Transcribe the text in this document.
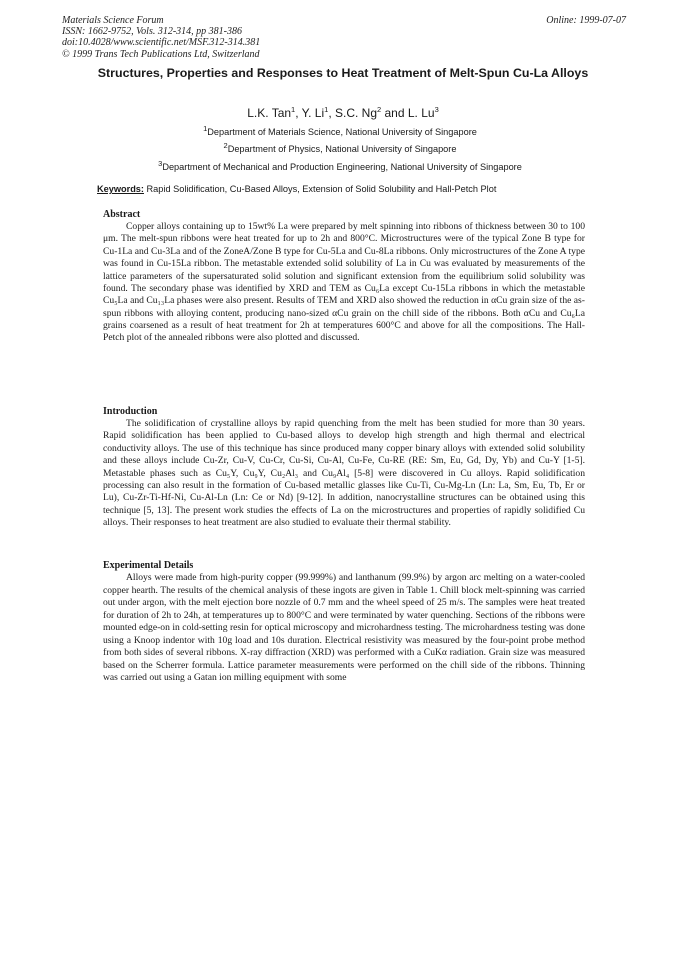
Materials Science Forum
ISSN: 1662-9752, Vols. 312-314, pp 381-386
doi:10.4028/www.scientific.net/MSF.312-314.381
© 1999 Trans Tech Publications Ltd, Switzerland
Online: 1999-07-07
Structures, Properties and Responses to Heat Treatment of Melt-Spun Cu-La Alloys
L.K. Tan$^1$, Y. Li$^1$, S.C. Ng$^2$ and L. Lu$^3$
$^1$Department of Materials Science, National University of Singapore
$^2$Department of Physics, National University of Singapore
$^3$Department of Mechanical and Production Engineering, National University of Singapore
Keywords: Rapid Solidification, Cu-Based Alloys, Extension of Solid Solubility and Hall-Petch Plot
Abstract

Copper alloys containing up to 15wt% La were prepared by melt spinning into ribbons of thickness between 30 to 100 μm. The melt-spun ribbons were heat treated for up to 2h and 800°C. Microstructures were of the typical Zone B type for Cu-1La and Cu-3La and of the ZoneA/Zone B type for Cu-5La and Cu-8La ribbons. Only microstructures of the Zone A type was found in Cu-15La ribbon. The metastable extended solid solubility of La in Cu was evaluated by measurements of the lattice parameters of the supersaturated solid solution and significant extension from the equilibrium solid solubility was found. The secondary phase was identified by XRD and TEM as Cu₆La except Cu-15La ribbons in which the metastable Cu₅La and Cu₁₃La phases were also present. Results of TEM and XRD also showed the reduction in αCu grain size of the as-spun ribbons with alloying content, producing nano-sized αCu grain on the chill side of the ribbons. Both αCu and Cu₆La grains coarsened as a result of heat treatment for 2h at temperatures 600°C and above for all the compositions. The Hall-Petch plot of the annealed ribbons were also plotted and discussed.

Introduction

The solidification of crystalline alloys by rapid quenching from the melt has been studied for more than 30 years. Rapid solidification has been applied to Cu-based alloys to develop high strength and high thermal and electrical conductivity alloys. The use of this technique has since produced many copper binary alloys with extended solid solubility and these alloys include Cu-Zr, Cu-V, Cu-Cr, Cu-Si, Cu-Al, Cu-Fe, Cu-RE (RE: Sm, Eu, Gd, Dy, Yb) and Cu-Y [1-5]. Metastable phases such as Cu₅Y, Cu₉Y, Cu₂Al₃ and Cu₉Al₄ [5-8] were discovered in Cu alloys. Rapid solidification processing can also result in the formation of Cu-based metallic glasses like Cu-Ti, Cu-Mg-Ln (Ln: La, Sm, Eu, Tb, Er or Lu), Cu-Zr-Ti-Hf-Ni, Cu-Al-Ln (Ln: Ce or Nd) [9-12]. In addition, nanocrystalline structures can be obtained using this technique [5, 13]. The present work studies the effects of La on the microstructures and properties of rapidly solidified Cu alloys. Their responses to heat treatment are also studied to evaluate their thermal stability.

Experimental Details

Alloys were made from high-purity copper (99.999%) and lanthanum (99.9%) by argon arc melting on a water-cooled copper hearth. The results of the chemical analysis of these ingots are given in Table 1. Chill block melt-spinning was carried out under argon, with the melt ejection bore nozzle of 0.7 mm and the wheel speed of 25 m/s. The samples were heat treated for duration of 2h to 24h, at temperatures up to 800°C and were terminated by water quenching. Sections of the ribbons were mounted edge-on in cold-setting resin for optical microscopy and microhardness testing. The microhardness testing was done using a Knoop indentor with 10g load and 10s duration. Electrical resistivity was measured by the four-point probe method from both sides of several ribbons. X-ray diffraction (XRD) was performed with a CuKα radiation. Grain size was measured based on the Scherrer formula. Lattice parameter measurements were performed on the chill side of the ribbons. Thinning was carried out using a Gatan ion milling equipment with some
